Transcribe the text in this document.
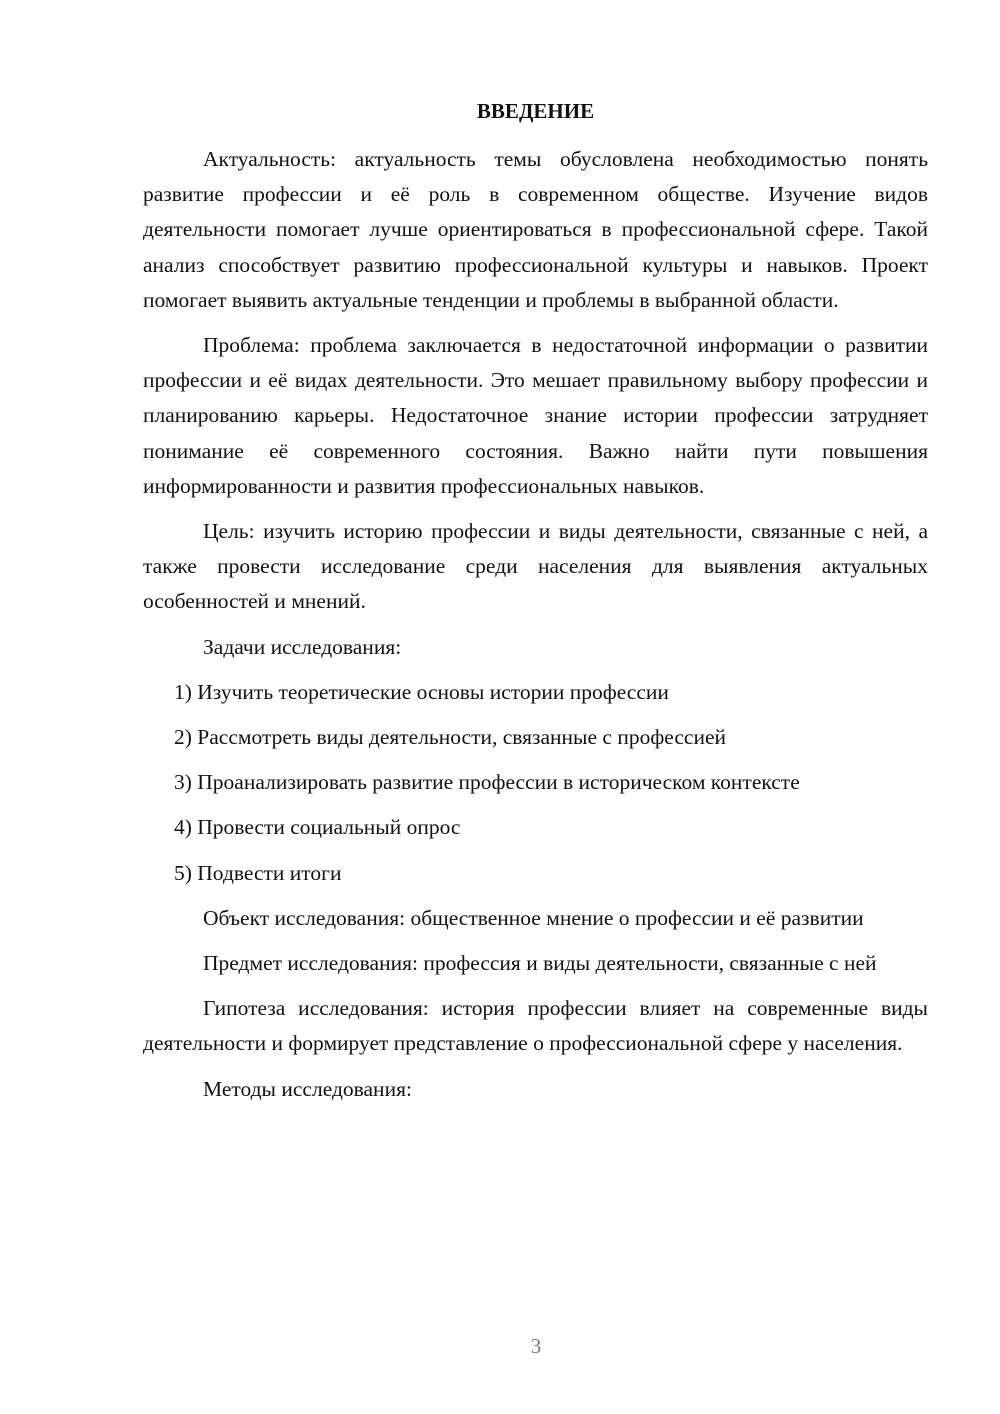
ВВЕДЕНИЕ

Актуальность: актуальность темы обусловлена необходимостью понять развитие профессии и её роль в современном обществе. Изучение видов деятельности помогает лучше ориентироваться в профессиональной сфере. Такой анализ способствует развитию профессиональной культуры и навыков. Проект помогает выявить актуальные тенденции и проблемы в выбранной области.

Проблема: проблема заключается в недостаточной информации о развитии профессии и её видах деятельности. Это мешает правильному выбору профессии и планированию карьеры. Недостаточное знание истории профессии затрудняет понимание её современного состояния. Важно найти пути повышения информированности и развития профессиональных навыков.

Цель: изучить историю профессии и виды деятельности, связанные с ней, а также провести исследование среди населения для выявления актуальных особенностей и мнений.

Задачи исследования:

1) Изучить теоретические основы истории профессии

2) Рассмотреть виды деятельности, связанные с профессией

3) Проанализировать развитие профессии в историческом контексте

4) Провести социальный опрос

5) Подвести итоги

Объект исследования: общественное мнение о профессии и её развитии

Предмет исследования: профессия и виды деятельности, связанные с ней

Гипотеза исследования: история профессии влияет на современные виды деятельности и формирует представление о профессиональной сфере у населения.

Методы исследования:

3
